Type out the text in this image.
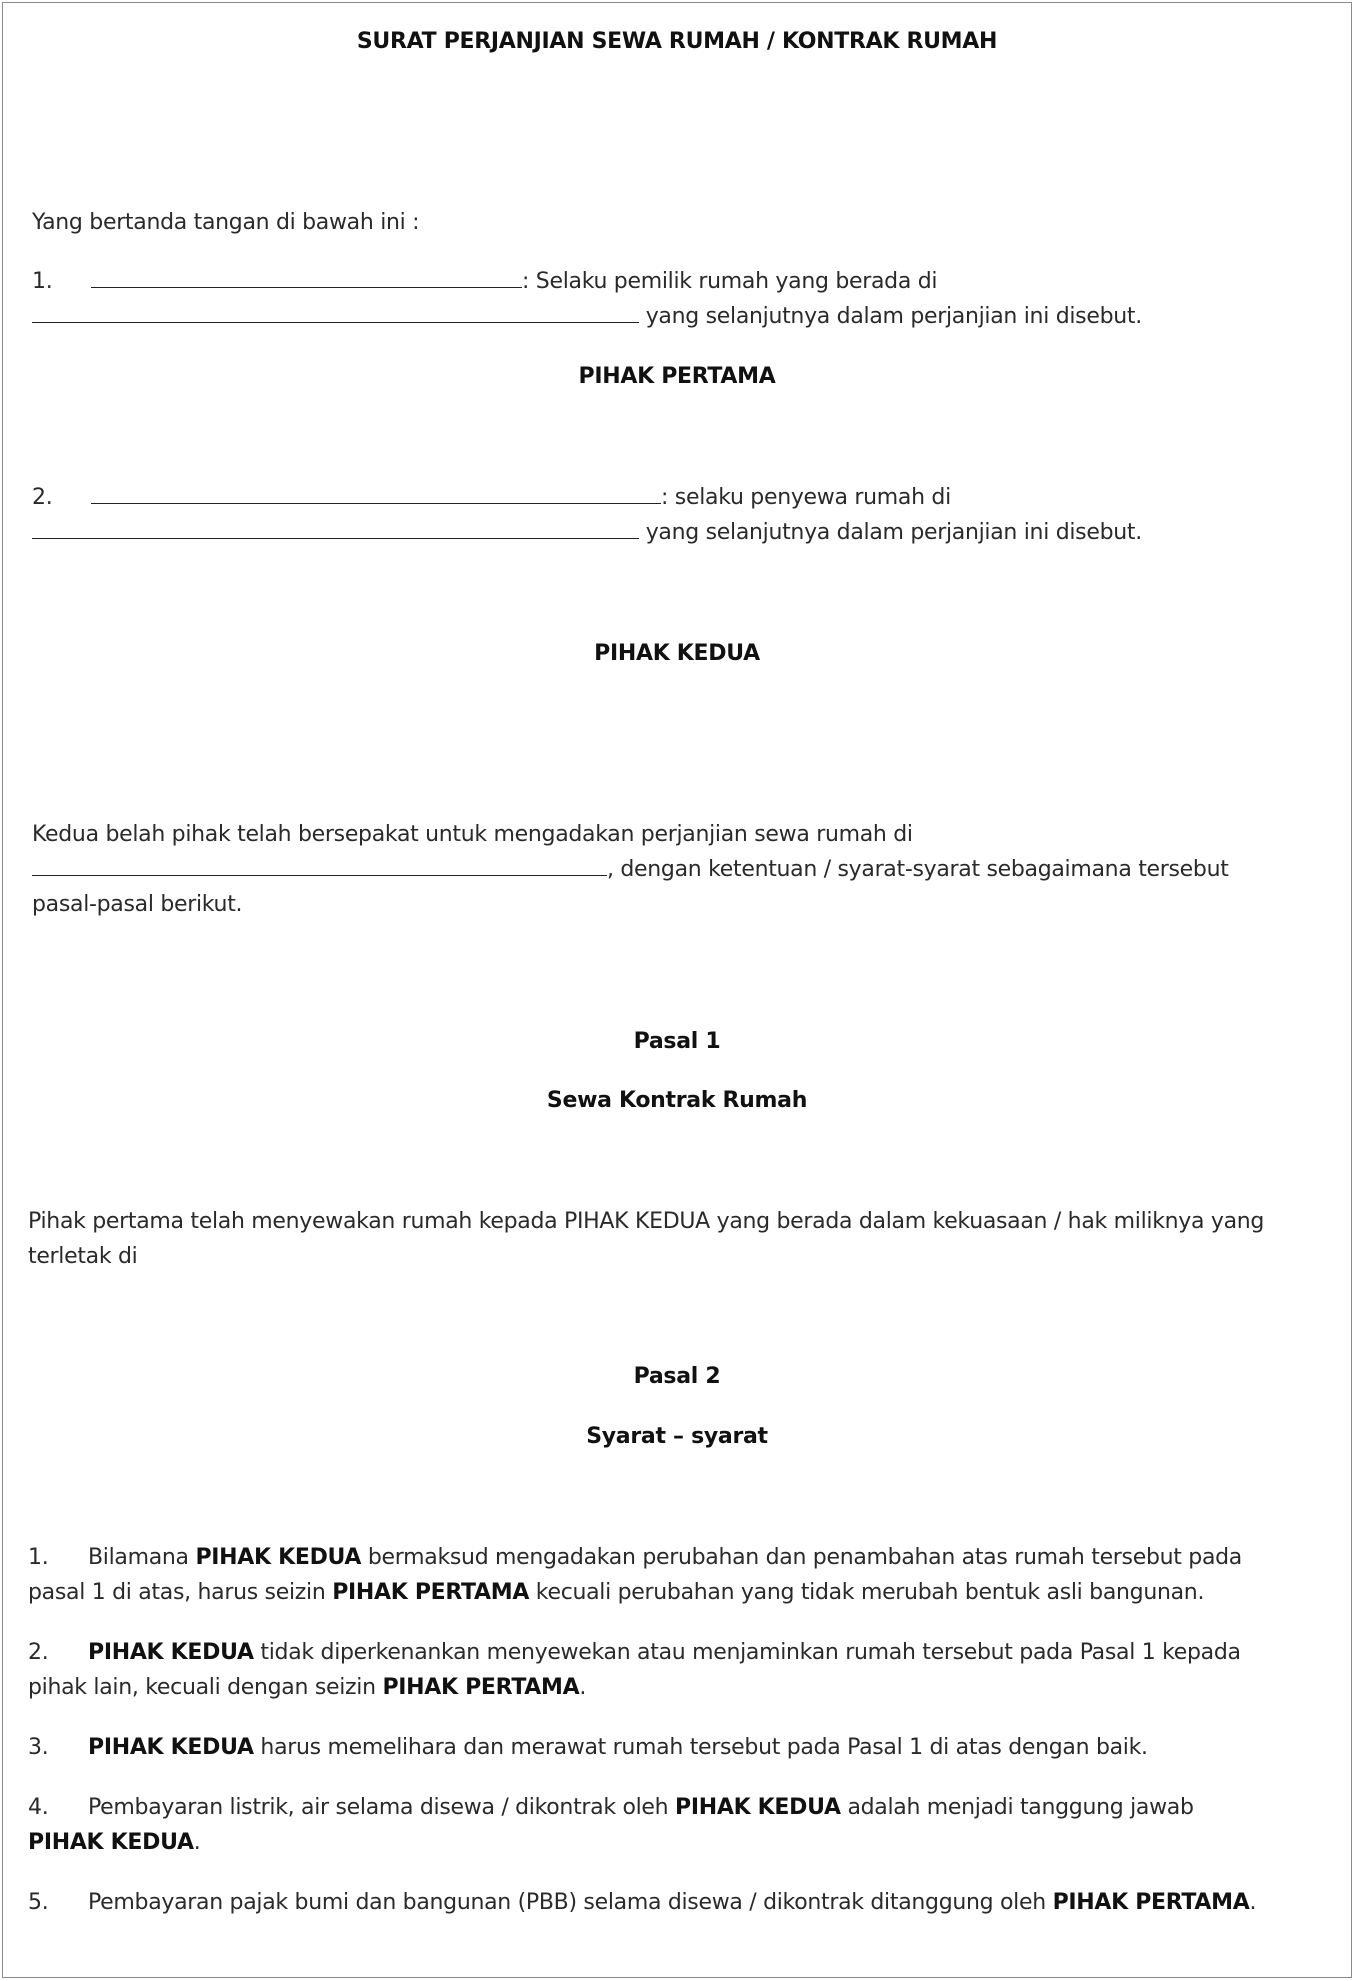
SURAT PERJANJIAN SEWA RUMAH / KONTRAK RUMAH
Yang bertanda tangan di bawah ini :
1.	: Selaku pemilik rumah yang berada di
yang selanjutnya dalam perjanjian ini disebut.
PIHAK PERTAMA
2.	: selaku penyewa rumah di
yang selanjutnya dalam perjanjian ini disebut.
PIHAK KEDUA
Kedua belah pihak telah bersepakat untuk mengadakan perjanjian sewa rumah di
, dengan ketentuan / syarat-syarat sebagaimana tersebut
pasal-pasal berikut.
Pasal 1
Sewa Kontrak Rumah
Pihak pertama telah menyewakan rumah kepada PIHAK KEDUA yang berada dalam kekuasaan / hak miliknya yang
terletak di
Pasal 2
Syarat – syarat
1. Bilamana PIHAK KEDUA bermaksud mengadakan perubahan dan penambahan atas rumah tersebut pada
pasal 1 di atas, harus seizin PIHAK PERTAMA kecuali perubahan yang tidak merubah bentuk asli bangunan.
2. PIHAK KEDUA tidak diperkenankan menyewekan atau menjaminkan rumah tersebut pada Pasal 1 kepada
pihak lain, kecuali dengan seizin PIHAK PERTAMA.
3. PIHAK KEDUA harus memelihara dan merawat rumah tersebut pada Pasal 1 di atas dengan baik.
4. Pembayaran listrik, air selama disewa / dikontrak oleh PIHAK KEDUA adalah menjadi tanggung jawab
PIHAK KEDUA.
5. Pembayaran pajak bumi dan bangunan (PBB) selama disewa / dikontrak ditanggung oleh PIHAK PERTAMA.
